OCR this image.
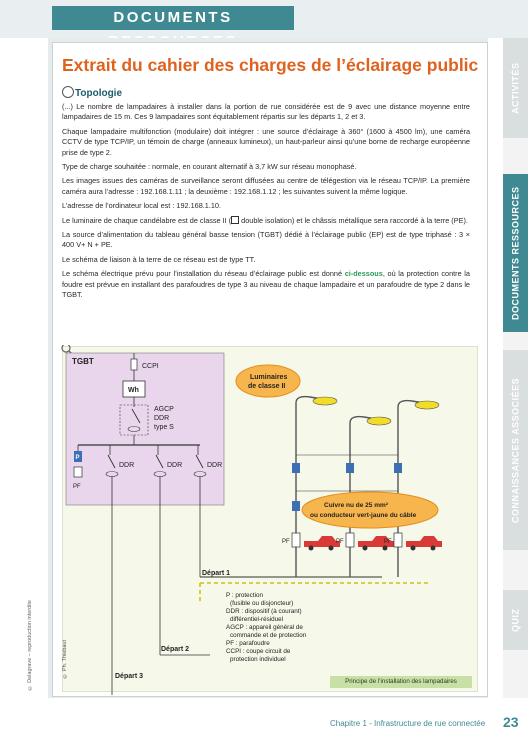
DOCUMENTS
ACTIVITÉS
DOCUMENTS RESSOURCES
CONNAISSANCES ASSOCIÉES
QUIZ
Extrait du cahier des charges de l’éclairage public
Topologie

(...) Le nombre de lampadaires à installer dans la portion de rue considérée est de 9 avec une distance moyenne entre lampadaires de 15 m. Ces 9 lampadaires sont équitablement répartis sur les départs 1, 2 et 3.

Chaque lampadaire multifonction (modulaire) doit intégrer : une source d’éclairage à 360° (1600 à 4500 lm), une caméra CCTV de type TCP/IP, un témoin de charge (anneaux lumineux), un haut-parleur ainsi qu’une borne de recharge européenne prise de type 2.

Type de charge souhaitée : normale, en courant alternatif à 3,7 kW sur réseau monophasé.

Les images issues des caméras de surveillance seront diffusées au centre de télégestion via le réseau TCP/IP. La première caméra aura l’adresse : 192.168.1.11 ; la deuxième : 192.168.1.12 ; les suivantes suivent la même logique.

L’adresse de l’ordinateur local est : 192.168.1.10.

Le luminaire de chaque candélabre est de classe II ( double isolation) et le châssis métallique sera raccordé à la terre (PE).

La source d’alimentation du tableau général basse tension (TGBT) dédié à l’éclairage public (EP) est de type triphasé : 3 × 400 V+ N + PE.

Le schéma de liaison à la terre de ce réseau est de type TT.

Le schéma électrique prévu pour l’installation du réseau d’éclairage public est donné ci-dessous, où la protection contre la foudre est prévue en installant des parafoudres de type 3 au niveau de chaque lampadaire et un parafoudre de type 2 dans le TGBT.

TGBT
CCPI
Wh
AGCP
DDR
type S
P
PF
DDR	DDR	DDR
Départ 1
Départ 2
Départ 3
Luminaires
de classe II
PF	PF	PF
Cuivre nu de 25 mm²
ou conducteur vert-jaune du câble
P : protection
(fusible ou disjoncteur)
DDR : dispositif (à courant)
différentiel-résiduel
AGCP : appareil général de
commande et de protection
PF : parafoudre
CCPI : coupe circuit de
protection individuel
Principe de l’installation des lampadaires
© Delagrave – reproduction interdite	© Ph. Thiebaut
Chapitre 1 - Infrastructure de rue connectée 23
